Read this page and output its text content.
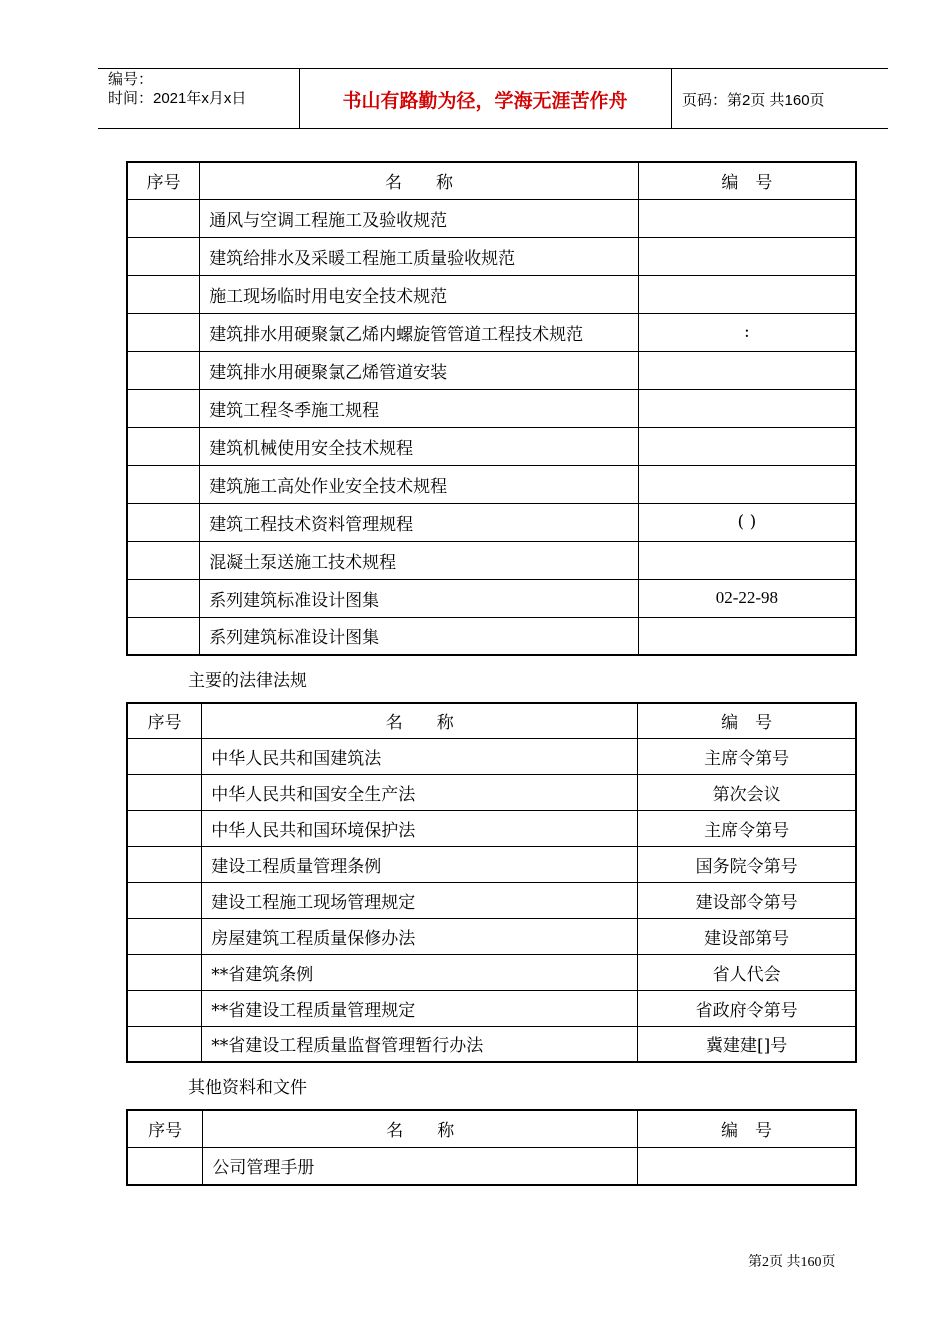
编号：
时间：2021年x月x日	书山有路勤为径，学海无涯苦作舟	页码：第2页 共160页
序号	名　　称	编　号
	通风与空调工程施工及验收规范	
	建筑给排水及采暖工程施工质量验收规范	
	施工现场临时用电安全技术规范	
	建筑排水用硬聚氯乙烯内螺旋管管道工程技术规范	:
	建筑排水用硬聚氯乙烯管道安装	
	建筑工程冬季施工规程	
	建筑机械使用安全技术规程	
	建筑施工高处作业安全技术规程	
	建筑工程技术资料管理规程	( )
	混凝土泵送施工技术规程	
	系列建筑标准设计图集	02-22-98
	系列建筑标准设计图集	
主要的法律法规
序号	名　　称	编　号
	中华人民共和国建筑法	主席令第号
	中华人民共和国安全生产法	第次会议
	中华人民共和国环境保护法	主席令第号
	建设工程质量管理条例	国务院令第号
	建设工程施工现场管理规定	建设部令第号
	房屋建筑工程质量保修办法	建设部第号
	**省建筑条例	省人代会
	**省建设工程质量管理规定	省政府令第号
	**省建设工程质量监督管理暂行办法	冀建建[]号
其他资料和文件
序号	名　　称	编　号
	公司管理手册	
第2页 共160页
